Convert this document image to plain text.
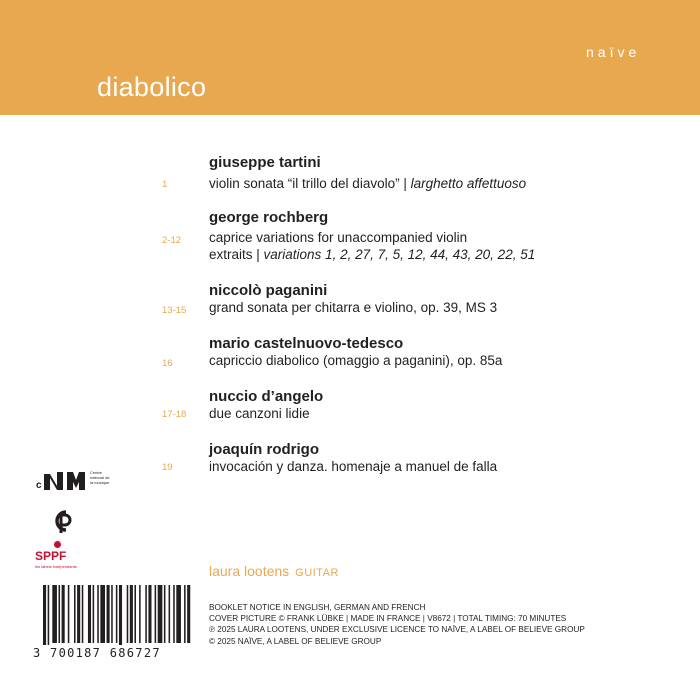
diabolico
naïve
giuseppe tartini
1	violin sonata “il trillo del diavolo” | larghetto affettuoso
george rochberg
2-12	caprice variations for unaccompanied violin
extraits | variations 1, 2, 27, 7, 5, 12, 44, 43, 20, 22, 51
niccolò paganini
13-15	grand sonata per chitarra e violino, op. 39, MS 3
mario castelnuovo-tedesco
16	capriccio diabolico (omaggio a paganini), op. 85a
nuccio d’angelo
17-18	due canzoni lidie
joaquín rodrigo
19	invocación y danza. homenaje a manuel de falla
c
Centre
national de
la musique
SPPF
les labels indépendants
3 700187 686727
laura lootens GUITAR
BOOKLET NOTICE IN ENGLISH, GERMAN AND FRENCH
COVER PICTURE © FRANK LÜBKE | MADE IN FRANCE | V8672 | TOTAL TIMING: 70 MINUTES
℗ 2025 LAURA LOOTENS, UNDER EXCLUSIVE LICENCE TO NAÏVE, A LABEL OF BELIEVE GROUP
© 2025 NAÏVE, A LABEL OF BELIEVE GROUP
